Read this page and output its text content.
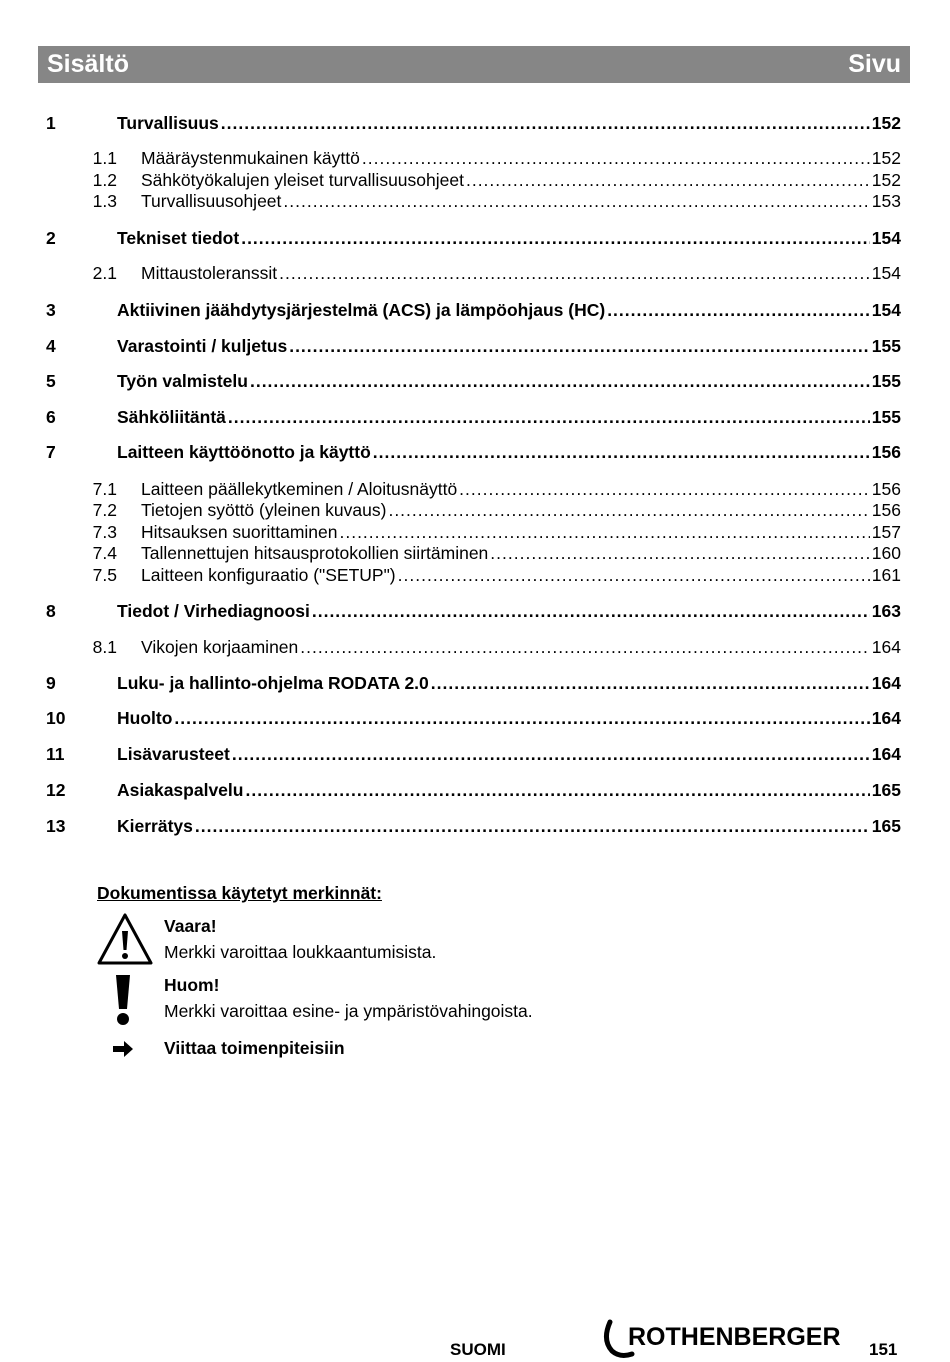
Sisältö	Sivu
1	Turvallisuus .....	152
1.1	Määräystenmukainen käyttö .....	152
1.2	Sähkötyökalujen yleiset turvallisuusohjeet .....	152
1.3	Turvallisuusohjeet .....	153
2	Tekniset tiedot .....	154
2.1	Mittaustoleranssit .....	154
3	Aktiivinen jäähdytysjärjestelmä (ACS) ja lämpöohjaus (HC) .....	154
4	Varastointi / kuljetus .....	155
5	Työn valmistelu .....	155
6	Sähköliitäntä .....	155
7	Laitteen käyttöönotto ja käyttö .....	156
7.1	Laitteen päällekytkeminen / Aloitusnäyttö .....	156
7.2	Tietojen syöttö (yleinen kuvaus) .....	156
7.3	Hitsauksen suorittaminen .....	157
7.4	Tallennettujen hitsausprotokollien siirtäminen .....	160
7.5	Laitteen konfiguraatio ("SETUP") .....	161
8	Tiedot / Virhediagnoosi .....	163
8.1	Vikojen korjaaminen .....	164
9	Luku- ja hallinto-ohjelma RODATA 2.0 .....	164
10	Huolto .....	164
11	Lisävarusteet .....	164
12	Asiakaspalvelu .....	165
13	Kierrätys .....	165
Dokumentissa käytetyt merkinnät:
Vaara!
Merkki varoittaa loukkaantumisista.
Huom!
Merkki varoittaa esine- ja ympäristövahingoista.
Viittaa toimenpiteisiin
SUOMI	ROTHENBERGER 151
